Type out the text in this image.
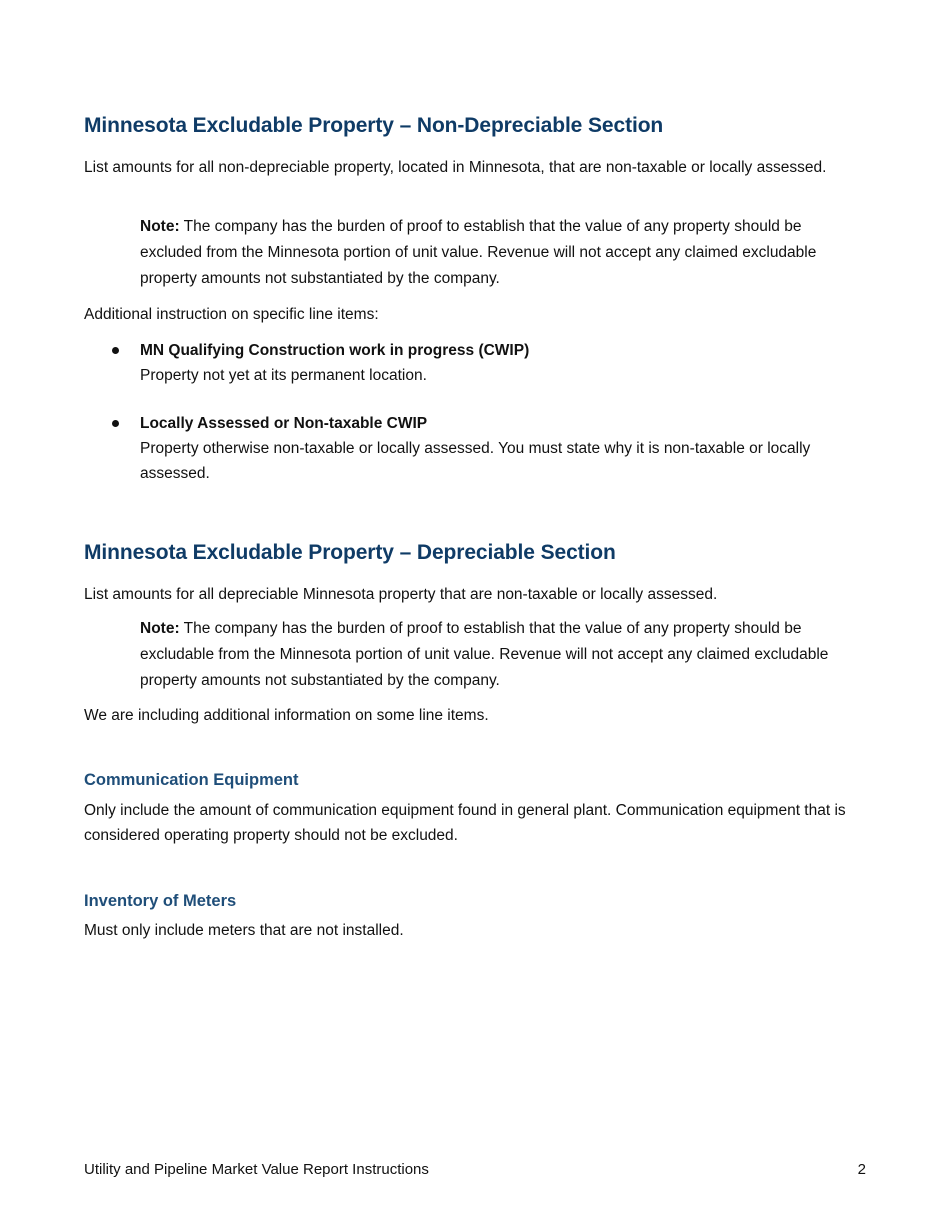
Minnesota Excludable Property – Non-Depreciable Section

List amounts for all non-depreciable property, located in Minnesota, that are non-taxable or locally assessed.

Note: The company has the burden of proof to establish that the value of any property should be excluded from the Minnesota portion of unit value. Revenue will not accept any claimed excludable property amounts not substantiated by the company.

Additional instruction on specific line items:

MN Qualifying Construction work in progress (CWIP)
Property not yet at its permanent location.
Locally Assessed or Non-taxable CWIP
Property otherwise non-taxable or locally assessed. You must state why it is non-taxable or locally assessed.
Minnesota Excludable Property – Depreciable Section

List amounts for all depreciable Minnesota property that are non-taxable or locally assessed.

Note: The company has the burden of proof to establish that the value of any property should be excludable from the Minnesota portion of unit value. Revenue will not accept any claimed excludable property amounts not substantiated by the company.

We are including additional information on some line items.

Communication Equipment

Only include the amount of communication equipment found in general plant. Communication equipment that is considered operating property should not be excluded.

Inventory of Meters

Must only include meters that are not installed.

Utility and Pipeline Market Value Report Instructions	2
